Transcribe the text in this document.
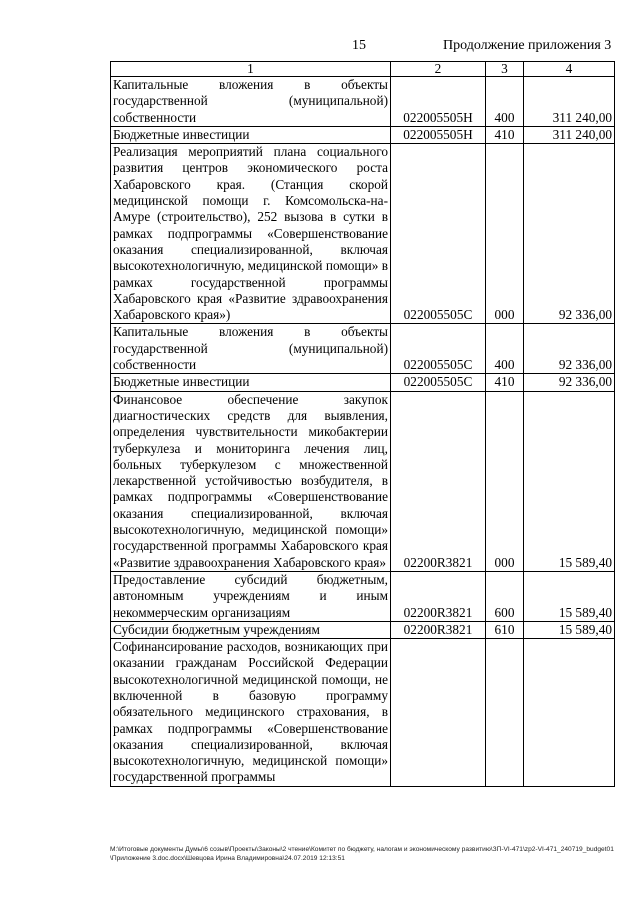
15	Продолжение приложения 3
1	2	3	4
Капитальные вложения в объекты государственной (муниципальной) собственности	022005505Н	400	311 240,00
Бюджетные инвестиции	022005505Н	410	311 240,00
Реализация мероприятий плана социального развития центров экономического роста Хабаровского края. (Станция скорой медицинской помощи г. Комсомольска-на-Амуре (строительство), 252 вызова в сутки в рамках подпрограммы «Совершенствование оказания специализированной, включая высокотехнологичную, медицинской помощи» в рамках государственной программы Хабаровского края «Развитие здравоохранения Хабаровского края»)	022005505С	000	92 336,00
Капитальные вложения в объекты государственной (муниципальной) собственности	022005505С	400	92 336,00
Бюджетные инвестиции	022005505С	410	92 336,00
Финансовое обеспечение закупок диагностических средств для выявления, определения чувствительности микобактерии туберкулеза и мониторинга лечения лиц, больных туберкулезом с множественной лекарственной устойчивостью возбудителя, в рамках подпрограммы «Совершенствование оказания специализированной, включая высокотехнологичную, медицинской помощи» государственной программы Хабаровского края «Развитие здравоохранения Хабаровского края»	02200R3821	000	15 589,40
Предоставление субсидий бюджетным, автономным учреждениям и иным некоммерческим организациям	02200R3821	600	15 589,40
Субсидии бюджетным учреждениям	02200R3821	610	15 589,40
Софинансирование расходов, возникающих при оказании гражданам Российской Федерации высокотехнологичной медицинской помощи, не включенной в базовую программу обязательного медицинского страхования, в рамках подпрограммы «Совершенствование оказания специализированной, включая высокотехнологичную, медицинской помощи» государственной программы			
M:\Итоговые документы Думы\6 созыв\Проекты\Законы\2 чтение\Комитет по бюджету, налогам и экономическому развитию\ЗП-VI-471\zp2-VI-471_240719_budget01\Приложение 3.doc.docx\Шевцова Ирина Владимировна\24.07.2019 12:13:51
